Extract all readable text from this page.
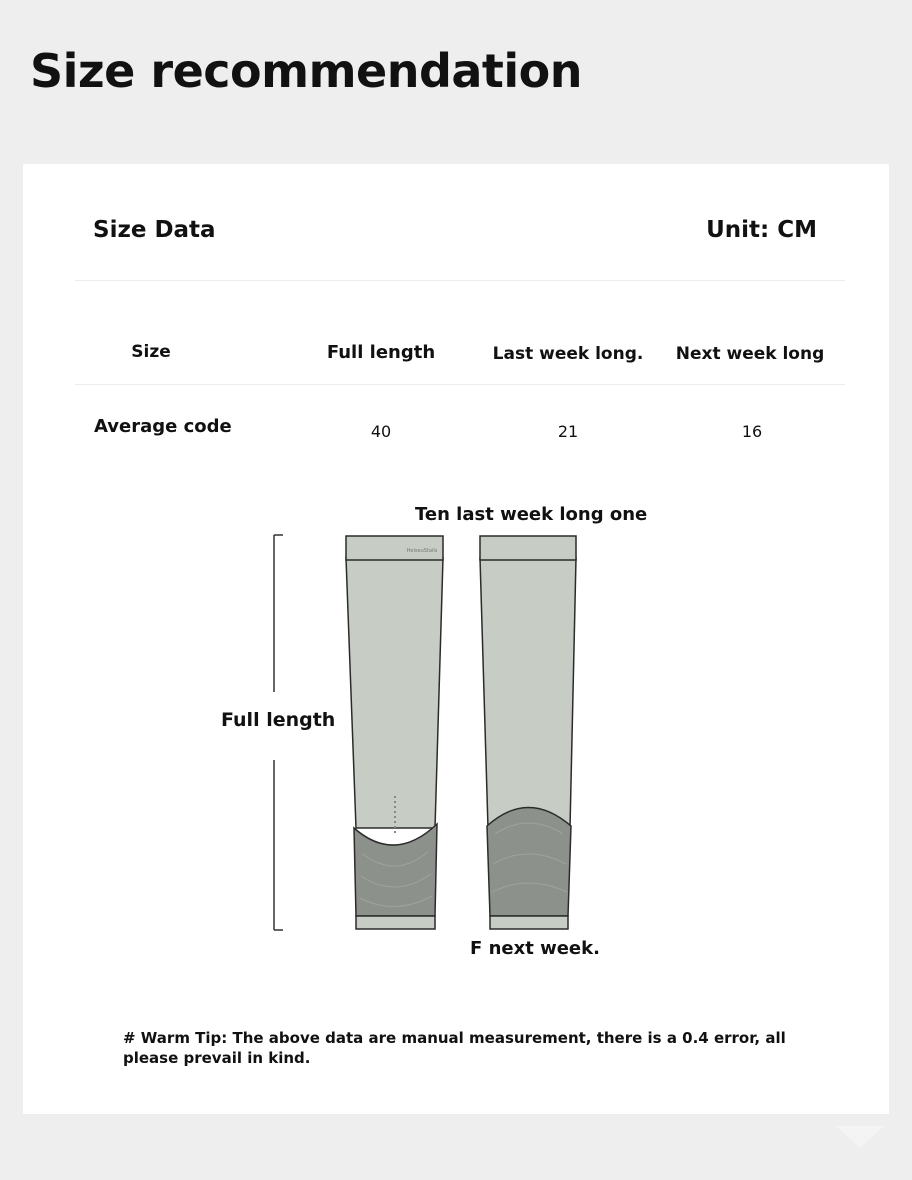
Size recommendation
Size Data	Unit: CM
Size	Full length	Last week long.	Next week long
Average code	40	21	16
Ten last week long one
Full length
F next week.
HelseuStails
# Warm Tip: The above data are manual measurement, there is a 0.4 error, all please prevail in kind.
